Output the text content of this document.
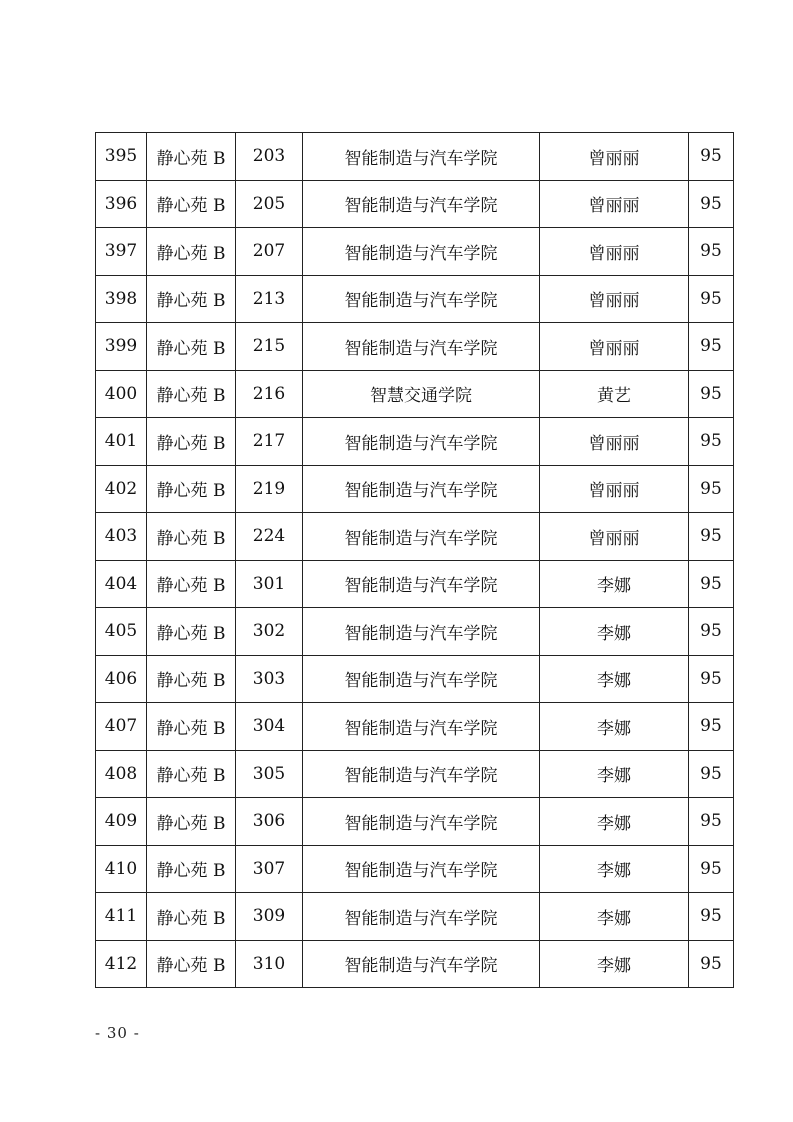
395	静心苑 B	203	智能制造与汽车学院	曾丽丽	95
396	静心苑 B	205	智能制造与汽车学院	曾丽丽	95
397	静心苑 B	207	智能制造与汽车学院	曾丽丽	95
398	静心苑 B	213	智能制造与汽车学院	曾丽丽	95
399	静心苑 B	215	智能制造与汽车学院	曾丽丽	95
400	静心苑 B	216	智慧交通学院	黄艺	95
401	静心苑 B	217	智能制造与汽车学院	曾丽丽	95
402	静心苑 B	219	智能制造与汽车学院	曾丽丽	95
403	静心苑 B	224	智能制造与汽车学院	曾丽丽	95
404	静心苑 B	301	智能制造与汽车学院	李娜	95
405	静心苑 B	302	智能制造与汽车学院	李娜	95
406	静心苑 B	303	智能制造与汽车学院	李娜	95
407	静心苑 B	304	智能制造与汽车学院	李娜	95
408	静心苑 B	305	智能制造与汽车学院	李娜	95
409	静心苑 B	306	智能制造与汽车学院	李娜	95
410	静心苑 B	307	智能制造与汽车学院	李娜	95
411	静心苑 B	309	智能制造与汽车学院	李娜	95
412	静心苑 B	310	智能制造与汽车学院	李娜	95
- 30 -
